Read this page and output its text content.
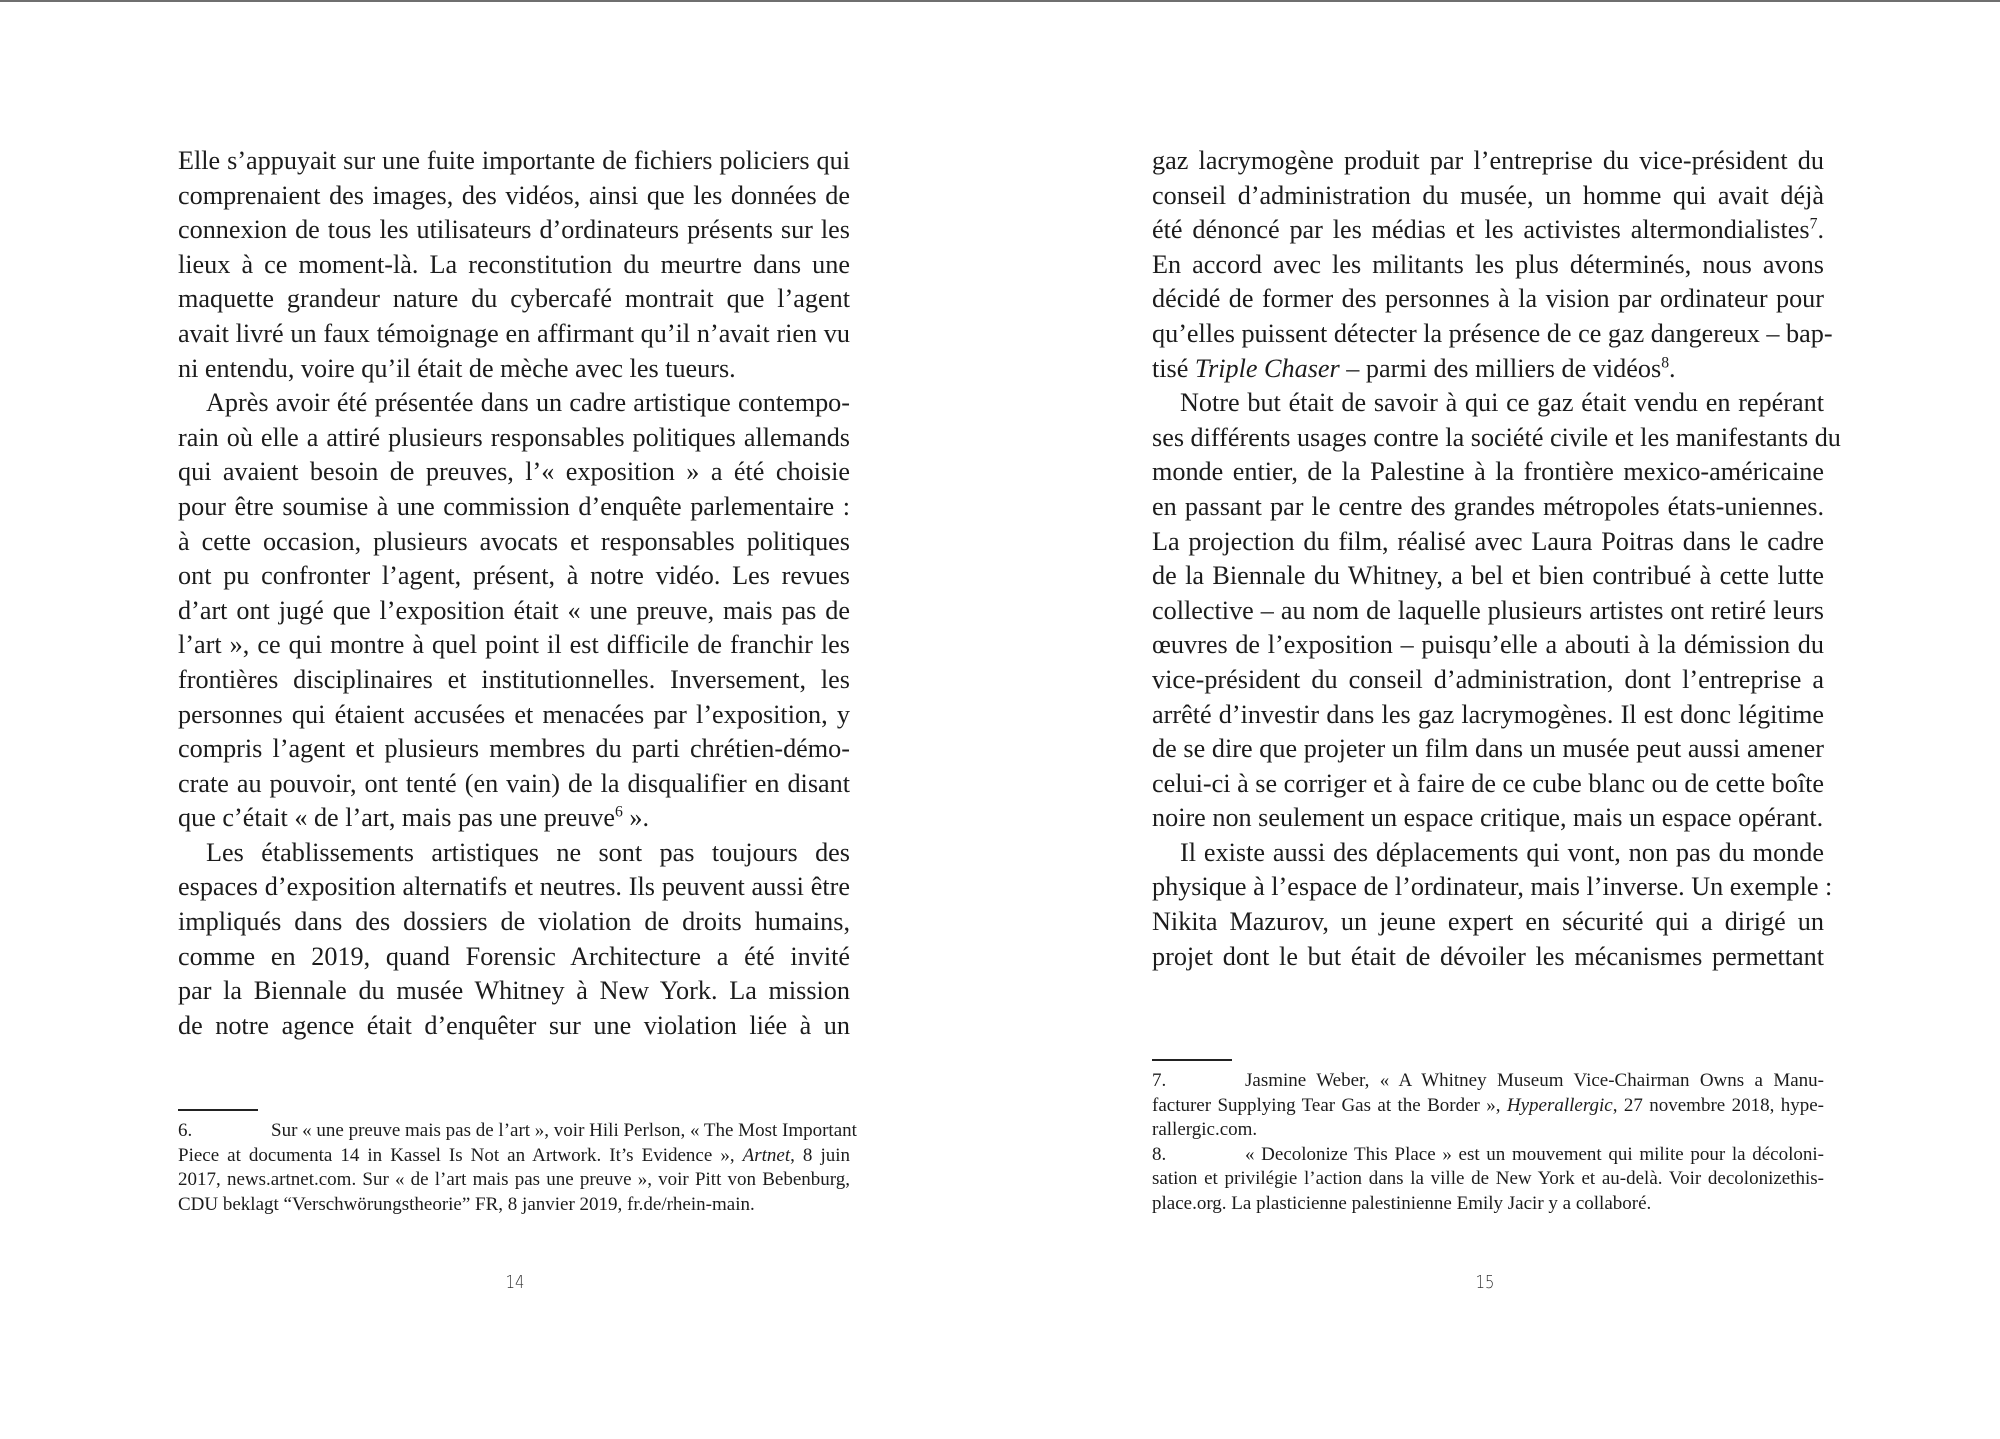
Elle s’appuyait sur une fuite importante de fichiers policiers qui
comprenaient des images, des vidéos, ainsi que les données de
connexion de tous les utilisateurs d’ordinateurs présents sur les
lieux à ce moment-là. La reconstitution du meurtre dans une
maquette grandeur nature du cybercafé montrait que l’agent
avait livré un faux témoignage en affirmant qu’il n’avait rien vu
ni entendu, voire qu’il était de mèche avec les tueurs.

Après avoir été présentée dans un cadre artistique contempo-
rain où elle a attiré plusieurs responsables politiques allemands
qui avaient besoin de preuves, l’« exposition » a été choisie
pour être soumise à une commission d’enquête parlementaire :
à cette occasion, plusieurs avocats et responsables politiques
ont pu confronter l’agent, présent, à notre vidéo. Les revues
d’art ont jugé que l’exposition était « une preuve, mais pas de
l’art », ce qui montre à quel point il est difficile de franchir les
frontières disciplinaires et institutionnelles. Inversement, les
personnes qui étaient accusées et menacées par l’exposition, y
compris l’agent et plusieurs membres du parti chrétien-démo-
crate au pouvoir, ont tenté (en vain) de la disqualifier en disant
que c’était « de l’art, mais pas une preuve$^6$ ».

Les établissements artistiques ne sont pas toujours des
espaces d’exposition alternatifs et neutres. Ils peuvent aussi être
impliqués dans des dossiers de violation de droits humains,
comme en 2019, quand Forensic Architecture a été invité
par la Biennale du musée Whitney à New York. La mission
de notre agence était d’enquêter sur une violation liée à un

6.	Sur « une preuve mais pas de l’art », voir Hili Perlson, « The Most Important
Piece at documenta 14 in Kassel Is Not an Artwork. It’s Evidence », Artnet, 8 juin
2017, news.artnet.com. Sur « de l’art mais pas une preuve », voir Pitt von Bebenburg,
CDU beklagt “Verschwörungstheorie” FR, 8 janvier 2019, fr.de/rhein-main.
14

gaz lacrymogène produit par l’entreprise du vice-président du
conseil d’administration du musée, un homme qui avait déjà
été dénoncé par les médias et les activistes altermondialistes$^7$.
En accord avec les militants les plus déterminés, nous avons
décidé de former des personnes à la vision par ordinateur pour
qu’elles puissent détecter la présence de ce gaz dangereux – bap-
tisé Triple Chaser – parmi des milliers de vidéos$^8$.

Notre but était de savoir à qui ce gaz était vendu en repérant
ses différents usages contre la société civile et les manifestants du
monde entier, de la Palestine à la frontière mexico-américaine
en passant par le centre des grandes métropoles états-uniennes.
La projection du film, réalisé avec Laura Poitras dans le cadre
de la Biennale du Whitney, a bel et bien contribué à cette lutte
collective – au nom de laquelle plusieurs artistes ont retiré leurs
œuvres de l’exposition – puisqu’elle a abouti à la démission du
vice-président du conseil d’administration, dont l’entreprise a
arrêté d’investir dans les gaz lacrymogènes. Il est donc légitime
de se dire que projeter un film dans un musée peut aussi amener
celui-ci à se corriger et à faire de ce cube blanc ou de cette boîte
noire non seulement un espace critique, mais un espace opérant.

Il existe aussi des déplacements qui vont, non pas du monde
physique à l’espace de l’ordinateur, mais l’inverse. Un exemple :
Nikita Mazurov, un jeune expert en sécurité qui a dirigé un
projet dont le but était de dévoiler les mécanismes permettant

7.	Jasmine Weber, « A Whitney Museum Vice-Chairman Owns a Manu-
facturer Supplying Tear Gas at the Border », Hyperallergic, 27 novembre 2018, hype-
rallergic.com.
8.	« Decolonize This Place » est un mouvement qui milite pour la décoloni-
sation et privilégie l’action dans la ville de New York et au-delà. Voir decolonizethis-
place.org. La plasticienne palestinienne Emily Jacir y a collaboré.
15
